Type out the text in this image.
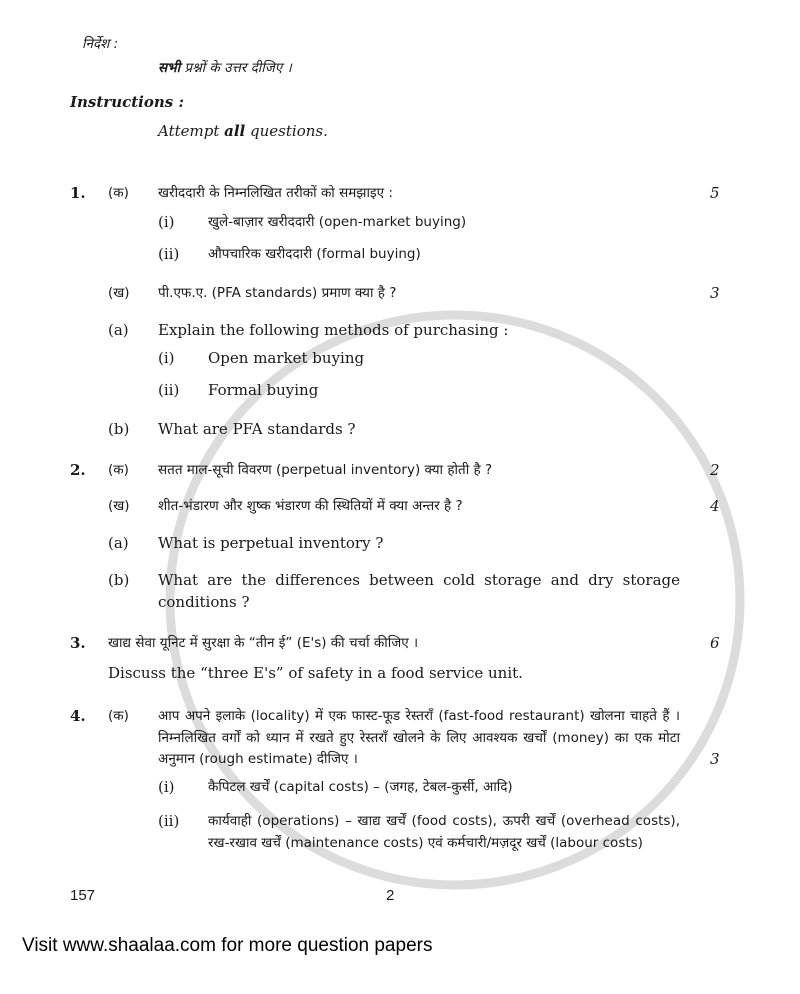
निर्देश :
सभी
प्रश्नों के उत्तर दीजिए ।
Instructions :
Attempt
all
questions.
1.	(क)	खरीददारी के निम्नलिखित तरीकों को समझाइए :	5
(i)	खुले-बाज़ार खरीददारी (open-market buying)
(ii)	औपचारिक खरीददारी (formal buying)
(ख)	पी.एफ.ए. (PFA standards) प्रमाण क्या है ?	3
(a)	Explain the following methods of purchasing :
(i)	Open market buying
(ii)	Formal buying
(b)	What are PFA standards ?
2.	(क)	सतत माल-सूची विवरण (perpetual inventory) क्या होती है ?	2
(ख)	शीत-भंडारण और शुष्क भंडारण की स्थितियों में क्या अन्तर है ?	4
(a)	What is perpetual inventory ?
(b)	What are the differences between cold storage and dry storage conditions ?
3.	खाद्य सेवा यूनिट में सुरक्षा के “तीन ई” (E's) की चर्चा कीजिए ।	6
Discuss the “three E's” of safety in a food service unit.
4.	(क)	आप अपने इलाके (locality) में एक फास्ट-फूड रेस्तराँ (fast-food restaurant) खोलना चाहते हैं । निम्नलिखित वर्गों को ध्यान में रखते हुए रेस्तराँ खोलने के लिए आवश्यक खर्चों (money) का एक मोटा अनुमान (rough estimate) दीजिए ।	3
(i)	कैपिटल खर्चें (capital costs) – (जगह, टेबल-कुर्सी, आदि)
(ii)	कार्यवाही (operations) – खाद्य खर्चें (food costs), ऊपरी खर्चें (overhead costs), रख-रखाव खर्चें (maintenance costs) एवं कर्मचारी/मज़दूर खर्चें (labour costs)
157	2
Visit www.shaalaa.com for more question papers
